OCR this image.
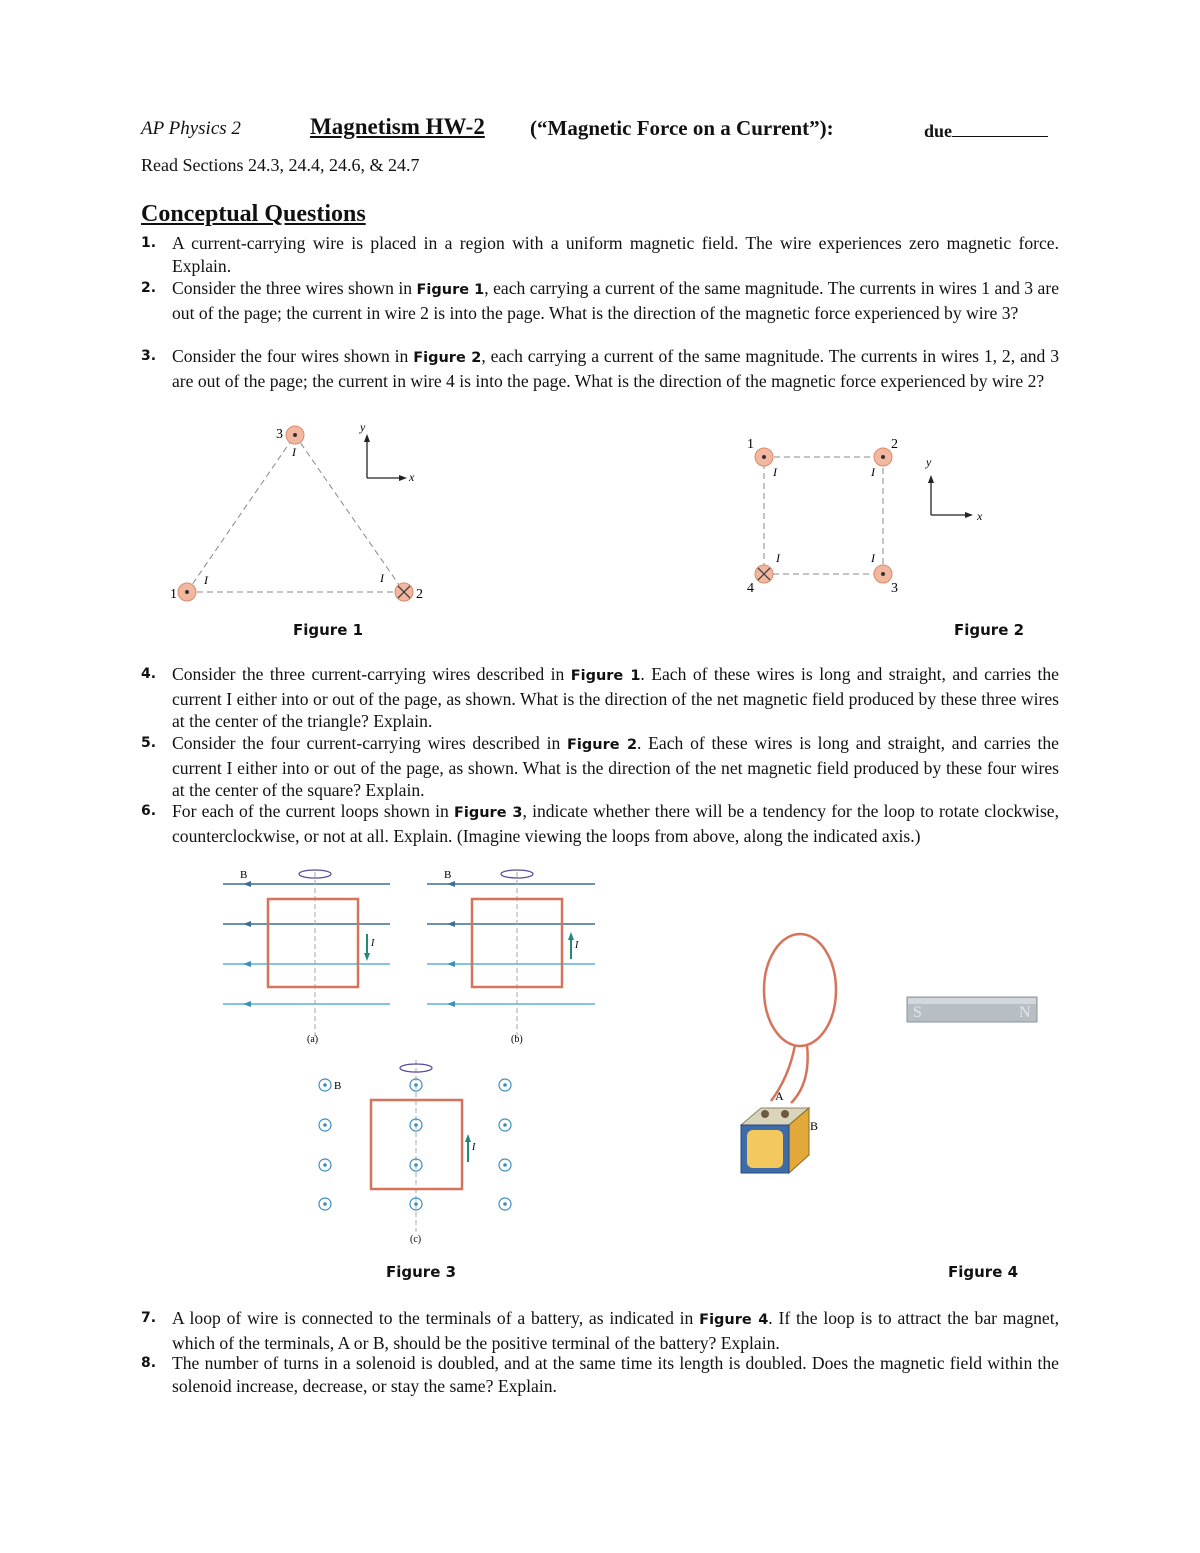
AP Physics 2	Magnetism HW-2 (“Magnetic Force on a Current”):	due
Read Sections 24.3, 24.4, 24.6, & 24.7
Conceptual Questions
1. A current-carrying wire is placed in a region with a uniform magnetic field. The wire experiences zero magnetic force. Explain.
2. Consider the three wires shown in Figure 1, each carrying a current of the same magnitude. The currents in wires 1 and 3 are out of the page; the current in wire 2 is into the page. What is the direction of the magnetic force experienced by wire 3?
3. Consider the four wires shown in Figure 2, each carrying a current of the same magnitude. The currents in wires 1, 2, and 3 are out of the page; the current in wire 4 is into the page. What is the direction of the magnetic force experienced by wire 2?
1	2
3
I	I
I
y
x
1	2
3
4
I	I
I	I
y
x
Figure 1	Figure 2
4. Consider the three current-carrying wires described in Figure 1. Each of these wires is long and straight, and carries the current I either into or out of the page, as shown. What is the direction of the net magnetic field produced by these three wires at the center of the triangle? Explain.
5. Consider the four current-carrying wires described in Figure 2. Each of these wires is long and straight, and carries the current I either into or out of the page, as shown. What is the direction of the net magnetic field produced by these four wires at the center of the square? Explain.
6. For each of the current loops shown in Figure 3, indicate whether there will be a tendency for the loop to rotate clockwise, counterclockwise, or not at all. Explain. (Imagine viewing the loops from above, along the indicated axis.)
B
I
(a)
B
I
(b)
B
I
(c)
A
B
S	N
Figure 3	Figure 4
7. A loop of wire is connected to the terminals of a battery, as indicated in Figure 4. If the loop is to attract the bar magnet, which of the terminals, A or B, should be the positive terminal of the battery? Explain.
8. The number of turns in a solenoid is doubled, and at the same time its length is doubled. Does the magnetic field within the solenoid increase, decrease, or stay the same? Explain.
